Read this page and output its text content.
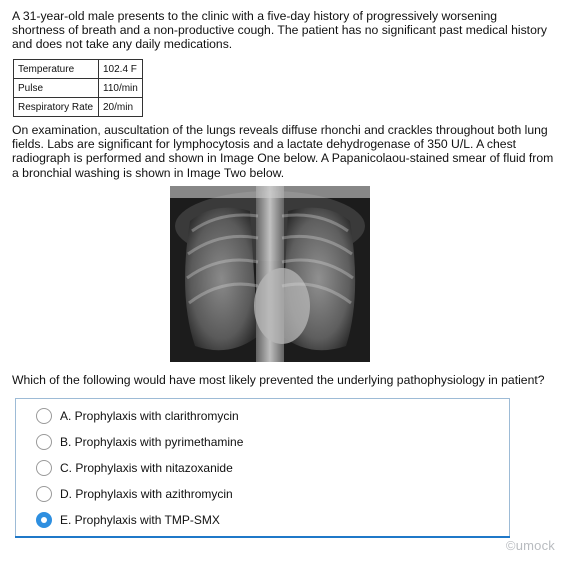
A 31-year-old male presents to the clinic with a five-day history of progressively worsening shortness of breath and a non-productive cough. The patient has no significant past medical history and does not take any daily medications.
Temperature	102.4 F
Pulse	110/min
Respiratory Rate	20/min
On examination, auscultation of the lungs reveals diffuse rhonchi and crackles throughout both lung fields. Labs are significant for lymphocytosis and a lactate dehydrogenase of 350 U/L. A chest radiograph is performed and shown in Image One below. A Papanicolaou-stained smear of fluid from a bronchial washing is shown in Image Two below.
Which of the following would have most likely prevented the underlying pathophysiology in patient?
A. Prophylaxis with clarithromycin
B. Prophylaxis with pyrimethamine
C. Prophylaxis with nitazoxanide
D. Prophylaxis with azithromycin
E. Prophylaxis with TMP-SMX
©umock
